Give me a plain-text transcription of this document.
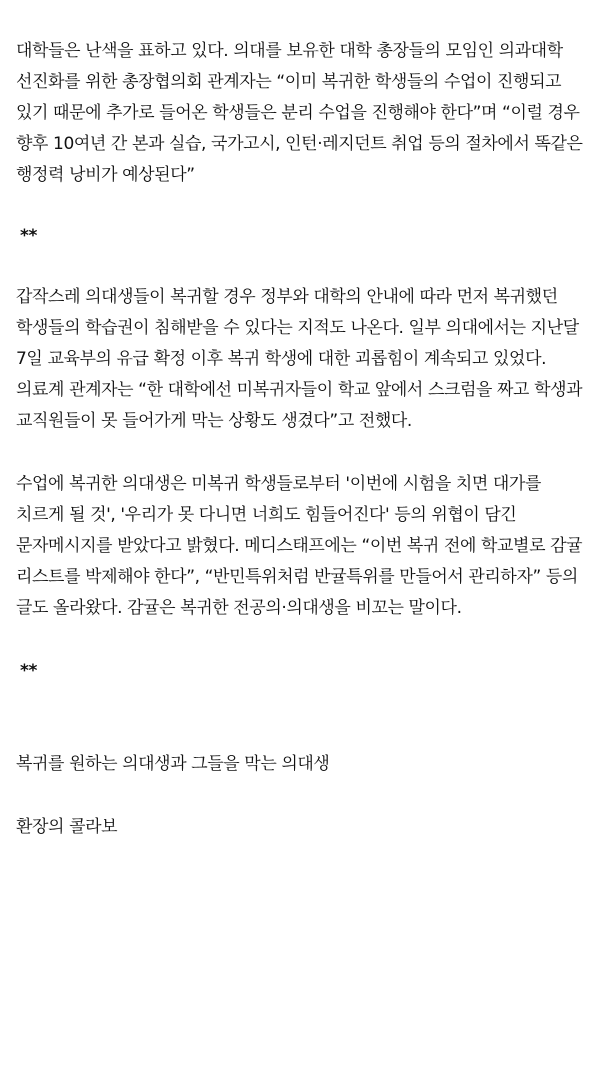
대학들은 난색을 표하고 있다. 의대를 보유한 대학 총장들의 모임인 의과대학 선진화를 위한 총장협의회 관계자는 “이미 복귀한 학생들의 수업이 진행되고 있기 때문에 추가로 들어온 학생들은 분리 수업을 진행해야 한다”며 “이럴 경우 향후 10여년 간 본과 실습, 국가고시, 인턴·레지던트 취업 등의 절차에서 똑같은 행정력 낭비가 예상된다”

**

갑작스레 의대생들이 복귀할 경우 정부와 대학의 안내에 따라 먼저 복귀했던 학생들의 학습권이 침해받을 수 있다는 지적도 나온다. 일부 의대에서는 지난달 7일 교육부의 유급 확정 이후 복귀 학생에 대한 괴롭힘이 계속되고 있었다. 의료계 관계자는 “한 대학에선 미복귀자들이 학교 앞에서 스크럼을 짜고 학생과 교직원들이 못 들어가게 막는 상황도 생겼다”고 전했다.

수업에 복귀한 의대생은 미복귀 학생들로부터 '이번에 시험을 치면 대가를 치르게 될 것', '우리가 못 다니면 너희도 힘들어진다' 등의 위협이 담긴 문자메시지를 받았다고 밝혔다. 메디스태프에는 “이번 복귀 전에 학교별로 감귤 리스트를 박제해야 한다”, “반민특위처럼 반귤특위를 만들어서 관리하자” 등의 글도 올라왔다. 감귤은 복귀한 전공의·의대생을 비꼬는 말이다.

**

복귀를 원하는 의대생과 그들을 막는 의대생

환장의 콜라보
